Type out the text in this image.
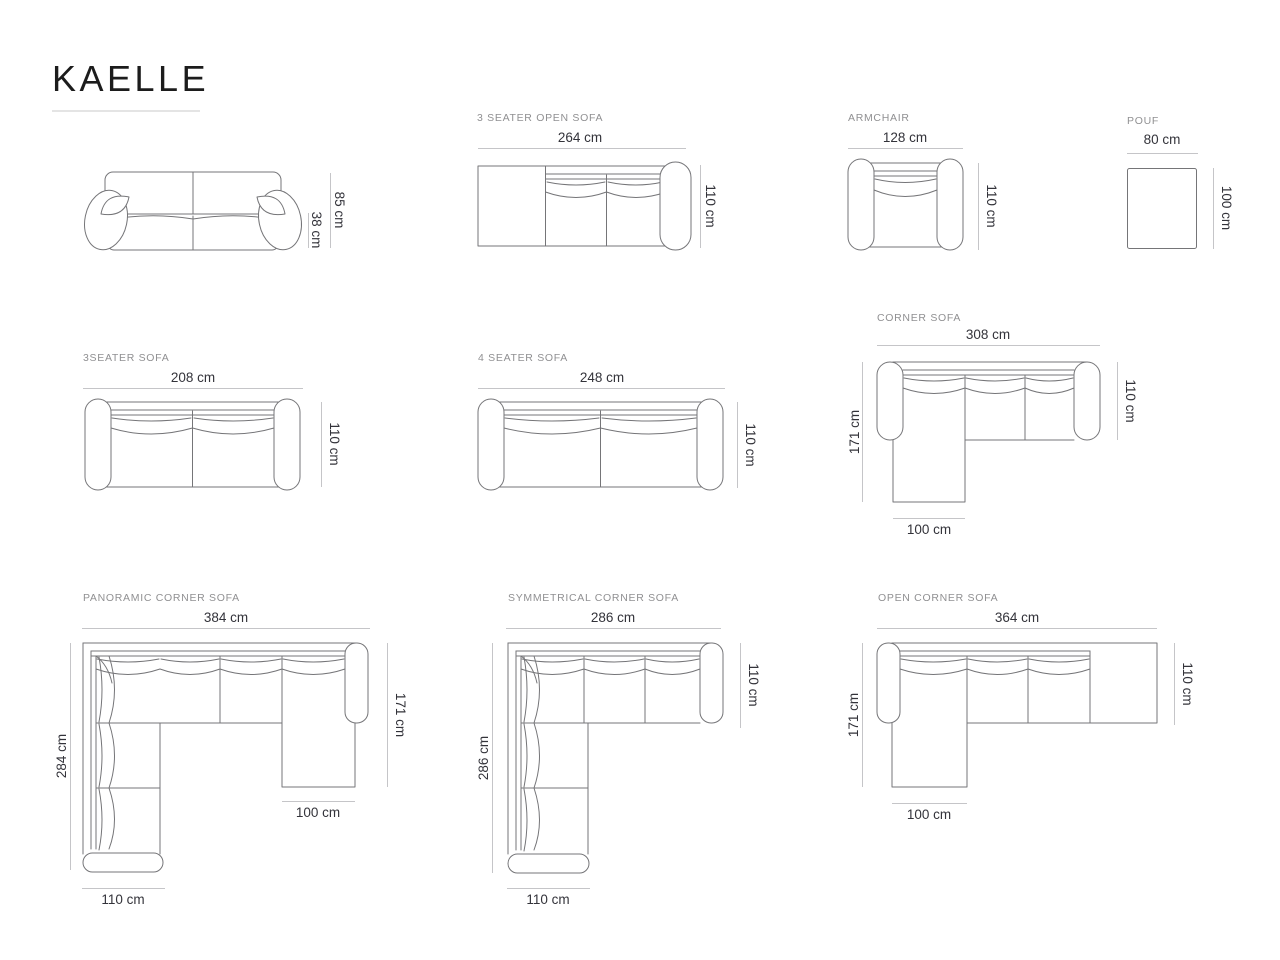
KAELLE
85 cm
38 cm
3 SEATER OPEN SOFA
264 cm
110 cm
ARMCHAIR
128 cm
110 cm
POUF
80 cm
100 cm
3SEATER SOFA
208 cm
110 cm
4 SEATER SOFA
248 cm
110 cm
CORNER SOFA
308 cm
171 cm
110 cm
100 cm
PANORAMIC CORNER SOFA
384 cm
284 cm
171 cm
100 cm
110 cm
SYMMETRICAL CORNER SOFA
286 cm
286 cm
110 cm
110 cm
OPEN CORNER SOFA
364 cm
171 cm
110 cm
100 cm
